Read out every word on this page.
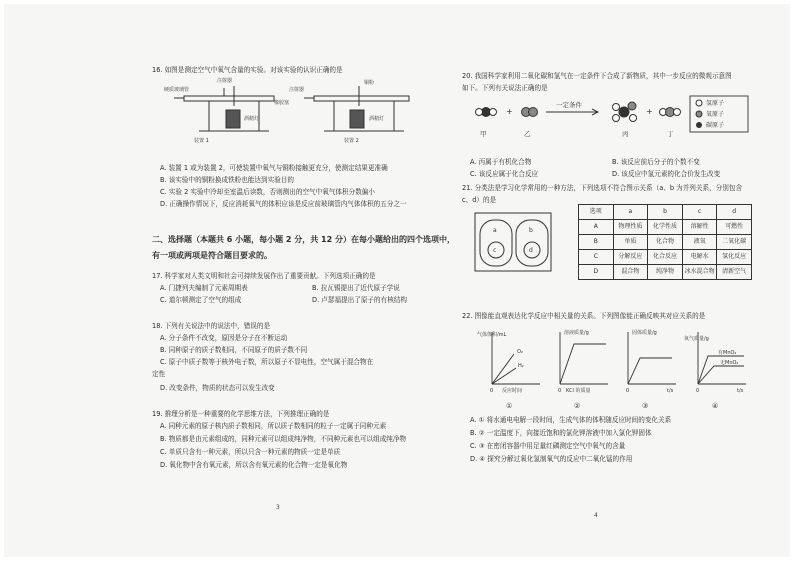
16. 如图是测定空气中氧气含量的实验。对该实验的认识正确的是
注射器
硬质玻璃管
橡胶塞
酒精灯
装置 1
注射器
铜粉
酒精灯
装置 2
A. 装置 1 或为装置 2，可使装置中氧气与铜粉接触更充分，使测定结果更准确
B. 该实验中的铜粉换成铁粉也能达到实验目的
C. 实验 2 实验中冷却至室温后读数，否则测出的空气中氧气体积分数偏小
D. 正确操作情况下，反应消耗氧气的体积应该是反应前玻璃管内气体体积的五分之一
二、选择题（本题共 6 小题，每小题 2 分，共 12 分）在每小题给出的四个选项中，
有一项或两项是符合题目要求的。
17. 科学家对人类文明和社会可持续发展作出了重要贡献。下列选项正确的是
A. 门捷列夫编制了元素周期表	B. 拉瓦锡提出了近代原子学说
C. 道尔顿测定了空气的组成	D. 卢瑟福提出了原子的有核结构
18. 下列有关说法中的说法中，错误的是
A. 分子条件不改变，原因是分子在不断运动
B. 同种原子的质子数相同，不同原子的质子数不同
C. 原子中质子数等于核外电子数，所以原子不显电性，空气属于混合物在
定性
D. 改变条件，物质的状态可以发生改变
19. 推理分析是一种重要的化学思维方法，下列推理正确的是
A. 同种元素的原子核内质子数相同，所以质子数相同的粒子一定属于同种元素
B. 物质都是由元素组成的，同种元素可以组成纯净物，不同种元素也可以组成纯净物
C. 单质只含有一种元素，所以只含一种元素的物质一定是单质
D. 氧化物中含有氧元素，所以含有氧元素的化合物一定是氧化物
3
20. 我国科学家利用二氧化碳和氢气在一定条件下合成了新物质，其中一步反应的微观示意图
如下。下列有关说法正确的是
+
一定条件
+
氢原子
氧原子
碳原子
甲	乙	丙	丁
A. 丙属于有机化合物	B. 该反应前后分子的个数不变
C. 该反应属于化合反应	D. 该反应中氢元素的化合价发生改变
21. 分类法是学习化学常用的一种方法，下列选项不符合图示关系（a、b 为并列关系，分别包含
c、d）的是
a	b
c	d
选项	a	b	c	d
A	物理性质	化学性质	溶解性	可燃性
B	单质	化合物	液氧	二氧化碳
C	分解反应	化合反应	电解水	氢化反应
D	混合物	纯净物	冰水混合物	清新空气
22. 图像能直观表达化学反应中相关量的关系。下列图像能正确反映其对应关系的是
气体体积/mL
O₂
H₂
反应时间
0
溶液质量/g
KCl 的质量
0
固体质量/g
t/s
0
氧气质量/g
有MnO₂
无MnO₂
t/s
0
①	②	③	④
A. ① 将水通电电解一段时间，生成气体的体积随反应时间的变化关系
B. ② 一定温度下，向接近饱和的氯化钾溶液中加入氯化钾固体
C. ③ 在密闭容器中用足量红磷测定空气中氧气的含量
D. ④ 探究分解过氧化氢制氧气的反应中二氧化锰的作用
4
